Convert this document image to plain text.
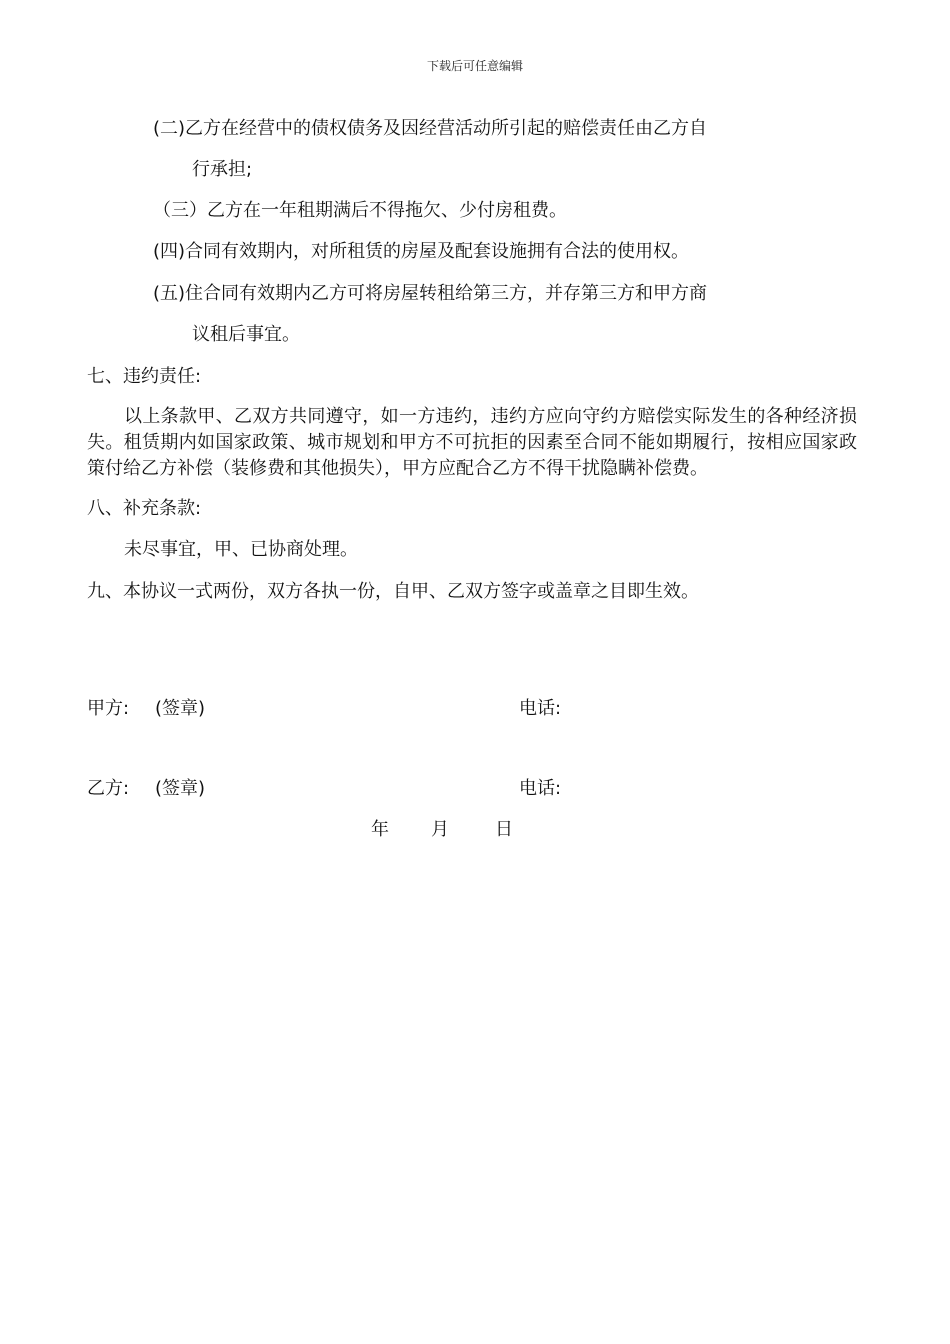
下载后可任意编辑
(二)乙方在经营中的债权债务及因经营活动所引起的赔偿责任由乙方自
行承担;
（三）乙方在一年租期满后不得拖欠、少付房租费。
(四)合同有效期内，对所租赁的房屋及配套设施拥有合法的使用权。
(五)住合同有效期内乙方可将房屋转租给第三方，并存第三方和甲方商
议租后事宜。
七、违约责任:
以上条款甲、乙双方共同遵守，如一方违约，违约方应向守约方赔偿实际发生的各种经济损失。租赁期内如国家政策、城市规划和甲方不可抗拒的因素至合同不能如期履行，按相应国家政策付给乙方补偿（装修费和其他损失），甲方应配合乙方不得干扰隐瞒补偿费。
八、补充条款:
未尽事宜，甲、已协商处理。
九、本协议一式两份，双方各执一份，自甲、乙双方签字或盖章之目即生效。
甲方: (签章)	电话:
乙方: (签章)	电话:
年 月	日
